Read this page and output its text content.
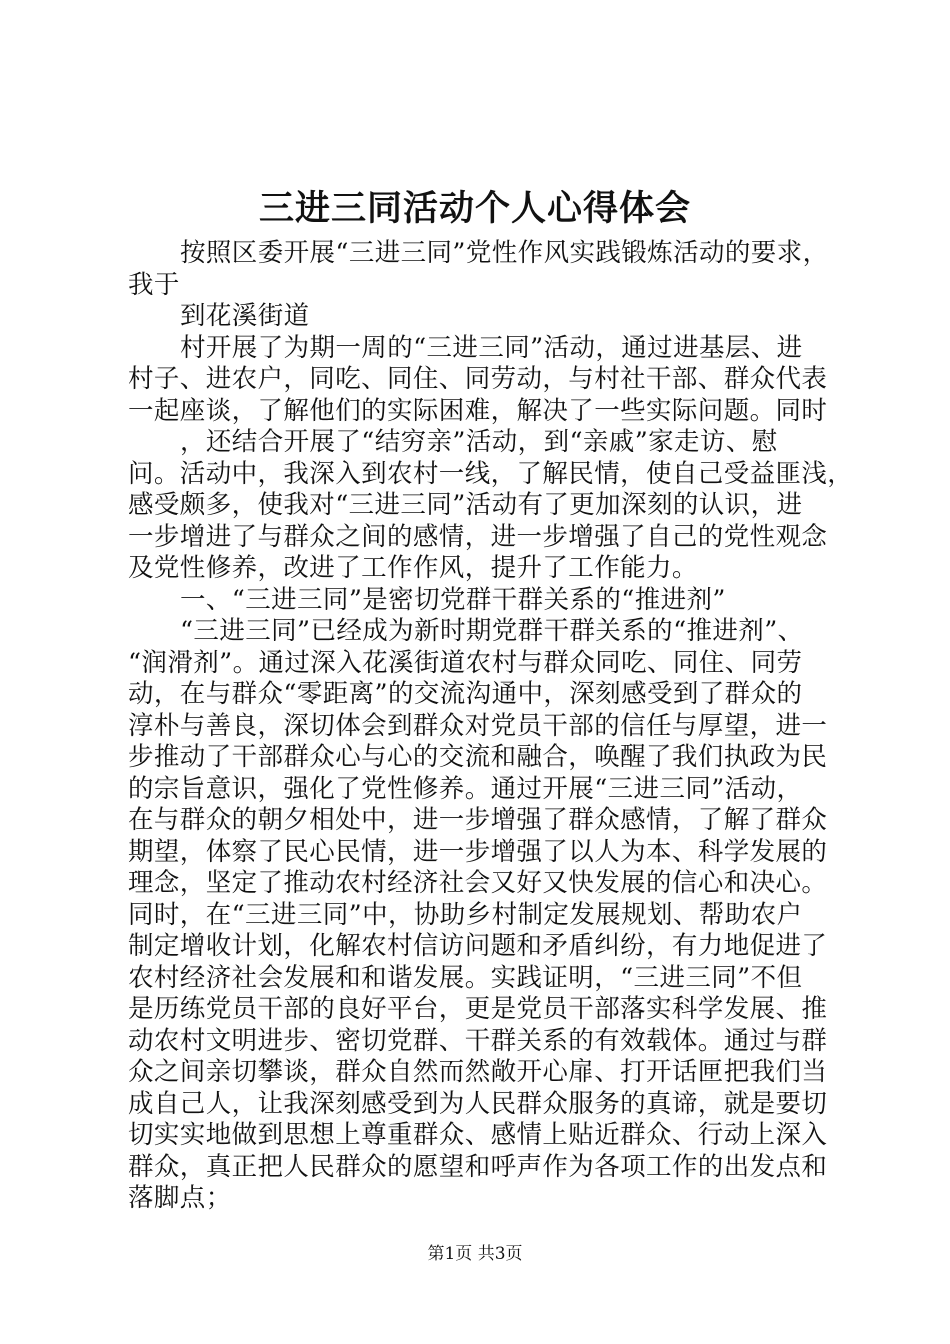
三进三同活动个人心得体会

按照区委开展“三进三同”党性作风实践锻炼活动的要求，

我于

到花溪街道

村开展了为期一周的“三进三同”活动，通过进基层、进

村子、进农户，同吃、同住、同劳动，与村社干部、群众代表

一起座谈，了解他们的实际困难，解决了一些实际问题。同时

，还结合开展了“结穷亲”活动，到“亲戚”家走访、慰

问。活动中，我深入到农村一线，了解民情，使自己受益匪浅，

感受颇多，使我对“三进三同”活动有了更加深刻的认识，进

一步增进了与群众之间的感情，进一步增强了自己的党性观念

及党性修养，改进了工作作风，提升了工作能力。

一、“三进三同”是密切党群干群关系的“推进剂”

“三进三同”已经成为新时期党群干群关系的“推进剂”、

“润滑剂”。通过深入花溪街道农村与群众同吃、同住、同劳

动，在与群众“零距离”的交流沟通中，深刻感受到了群众的

淳朴与善良，深切体会到群众对党员干部的信任与厚望，进一

步推动了干部群众心与心的交流和融合，唤醒了我们执政为民

的宗旨意识，强化了党性修养。通过开展“三进三同”活动，

在与群众的朝夕相处中，进一步增强了群众感情，了解了群众

期望，体察了民心民情，进一步增强了以人为本、科学发展的

理念，坚定了推动农村经济社会又好又快发展的信心和决心。

同时，在“三进三同”中，协助乡村制定发展规划、帮助农户

制定增收计划，化解农村信访问题和矛盾纠纷，有力地促进了

农村经济社会发展和和谐发展。实践证明，“三进三同”不但

是历练党员干部的良好平台，更是党员干部落实科学发展、推

动农村文明进步、密切党群、干群关系的有效载体。通过与群

众之间亲切攀谈，群众自然而然敞开心扉、打开话匣把我们当

成自己人，让我深刻感受到为人民群众服务的真谛，就是要切

切实实地做到思想上尊重群众、感情上贴近群众、行动上深入

群众，真正把人民群众的愿望和呼声作为各项工作的出发点和

落脚点；

第1页 共3页
